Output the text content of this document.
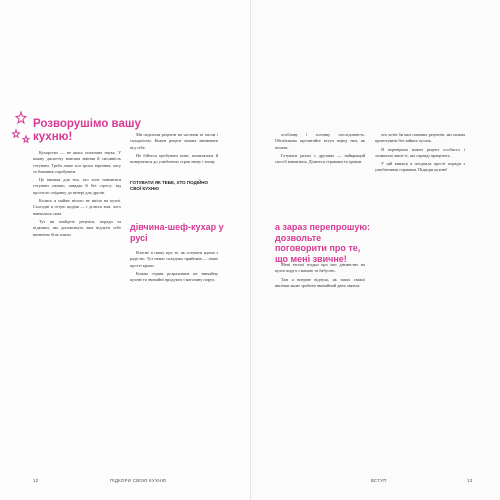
Розворушімо вашу кухню!

Кухарство — не якась потаємна наука. У кожну диспетчу вписана вміння й сміливість готувати. Треба лише хоч трохи терпіння, часу та бажання спробувати.

Це книжка для тих, хто хоче навчитися готувати смачно, швидко й без стресу: від простого сніданку до вечері для друзів.

Колись я майже нічого не вміла на кухні. Сьогодні я готую щодня — і ділюся тим, чого навчилася сама.

Тут ви знайдете рецепти, поради та підказки, які допоможуть вам відчути себе впевнено біля плити.

Ми поділили рецепти на частини за часом і складністю. Кожен рецепт можна змінювати під себе.

Не бійтеся пробувати нове, помилятися й повертатися до улюблених страв знову і знову.

ГОТУВАТИ ЯК ТЕБЕ, ХТО ПОДІЙНО СВОЇ КУХНЮ
дівчина-шеф-кухар у русі

Власне я пишу про те, як готувати вдома з радістю. Тут немає складних прийомів — лише прості кроки.

Кожна страва розрахована на звичайну кухню та звичайні продукти з магазину поруч.

12	ПІДКОРИ СВОЮ КУХНЮ

особливу і головну послідовність. Обов'язково прочитайте вступ перед тим, як почати.

Готувати разом з друзями — найкращий спосіб навчитися. Ділитеся стравами та ідеями.

а зараз перепрошую: дозвольте поговорити про те, що мені звичне!

Мені теплої згадки про моє дитинство на кухні поруч з мамою та бабусею.

Там я вперше відчула, як запах свіжої випічки може зробити звичайний день святом.

хто хотів би вам смачних рецептів, які можна приготувати без зайвих зусиль.

Я перевірила кожен рецепт особисто і залишила лише ті, які справді працюють.

У цій книжці я поєднала прості поради з улюбленими стравами. Підкори кухню!

ВСТУП	13
